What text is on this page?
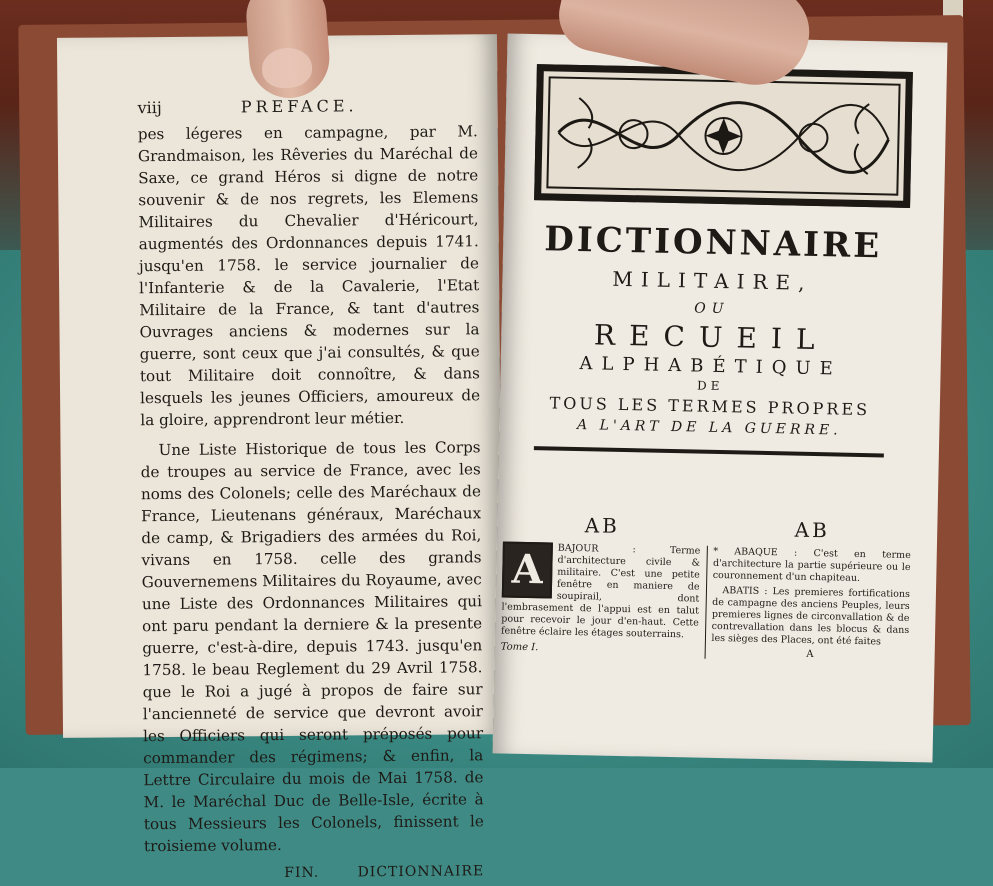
viij	PREFACE.

pes légeres en campagne, par M. Grandmaison, les Rêveries du Maréchal de Saxe, ce grand Héros si digne de notre souvenir & de nos regrets, les Elemens Militaires du Chevalier d'Héricourt, augmentés des Ordonnances depuis 1741. jusqu'en 1758. le service journalier de l'Infanterie & de la Cavalerie, l'Etat Militaire de la France, & tant d'autres Ouvrages anciens & modernes sur la guerre, sont ceux que j'ai consultés, & que tout Militaire doit connoître, & dans lesquels les jeunes Officiers, amoureux de la gloire, apprendront leur métier.

Une Liste Historique de tous les Corps de troupes au service de France, avec les noms des Colonels; celle des Maréchaux de France, Lieutenans généraux, Maréchaux de camp, & Brigadiers des armées du Roi, vivans en 1758. celle des grands Gouvernemens Militaires du Royaume, avec une Liste des Ordonnances Militaires qui ont paru pendant la derniere & la presente guerre, c'est-à-dire, depuis 1743. jusqu'en 1758. le beau Reglement du 29 Avril 1758. que le Roi a jugé à propos de faire sur l'ancienneté de service que devront avoir les Officiers qui seront préposés pour commander des régimens; & enfin, la Lettre Circulaire du mois de Mai 1758. de M. le Maréchal Duc de Belle-Isle, écrite à tous Messieurs les Colonels, finissent le troisieme volume.

FIN.	DICTIONNAIRE
DICTIONNAIRE
MILITAIRE,
OU
RECUEIL
ALPHABÉTIQUE
DE
TOUS LES TERMES PROPRES
A L'ART DE LA GUERRE.
AB	AB
A	BAJOUR : Terme d'architecture civile & militaire. C'est une petite fenêtre en maniere de soupirail, dont l'embrasement de l'appui est en talut pour recevoir le jour d'en-haut. Cette fenêtre éclaire les étages souterrains.
Tome I.
* ABAQUE : C'est en terme d'architecture la partie supérieure ou le couronnement d'un chapiteau.
ABATIS : Les premieres fortifications de campagne des anciens Peuples, leurs premieres lignes de circonvallation & de contrevallation dans les blocus & dans les sièges des Places, ont été faites
A
